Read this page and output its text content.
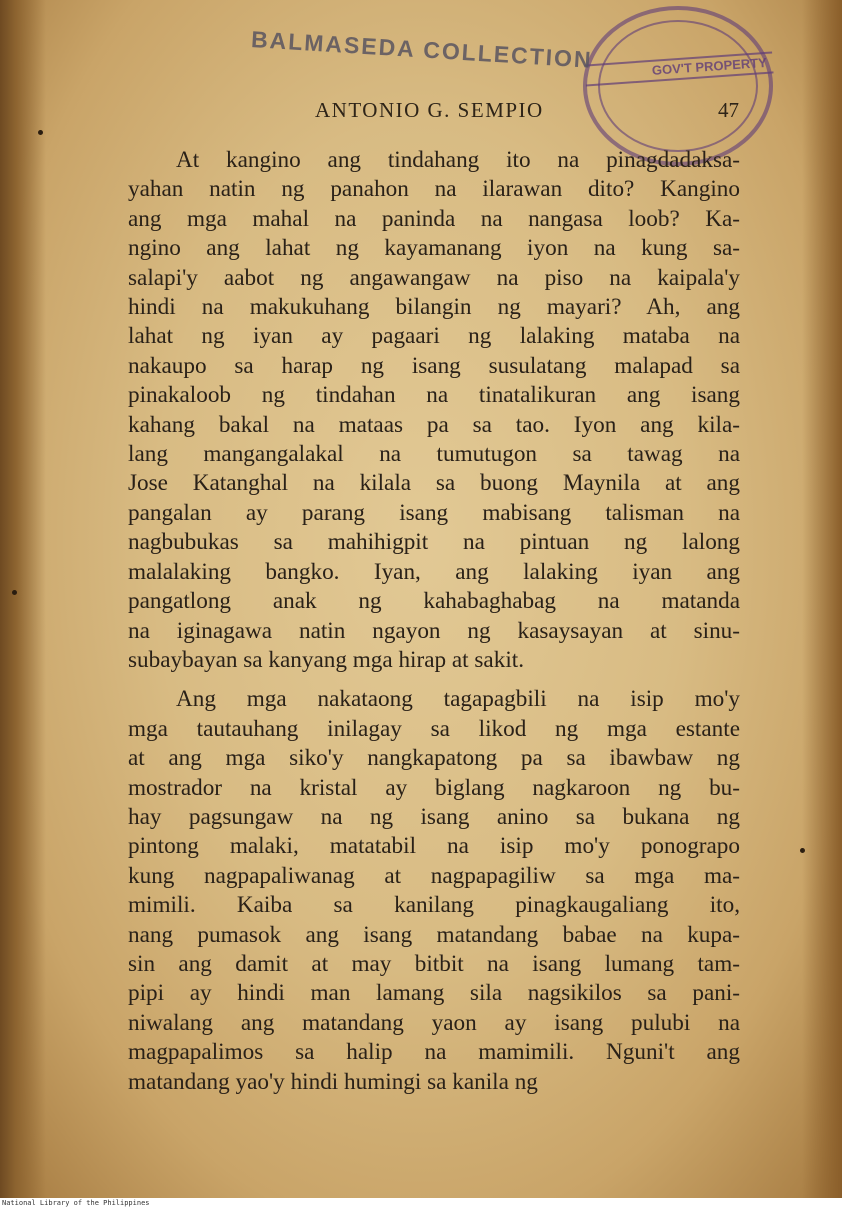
GOV'T PROPERTY
BALMASEDA COLLECTION
ANTONIO G. SEMPIO	47
At kangino ang tindahang ito na pinagdadaksa-
yahan natin ng panahon na ilarawan dito? Kangino
ang mga mahal na paninda na nangasa loob? Ka-
ngino ang lahat ng kayamanang iyon na kung sa-
salapi'y aabot ng angawangaw na piso na kaipala'y
hindi na makukuhang bilangin ng mayari? Ah, ang
lahat ng iyan ay pagaari ng lalaking mataba na
nakaupo sa harap ng isang susulatang malapad sa
pinakaloob ng tindahan na tinatalikuran ang isang
kahang bakal na mataas pa sa tao. Iyon ang kila-
lang mangangalakal na tumutugon sa tawag na
Jose Katanghal na kilala sa buong Maynila at ang
pangalan ay parang isang mabisang talisman na
nagbubukas sa mahihigpit na pintuan ng lalong
malalaking bangko. Iyan, ang lalaking iyan ang
pangatlong anak ng kahabaghabag na matanda
na iginagawa natin ngayon ng kasaysayan at sinu-
subaybayan sa kanyang mga hirap at sakit.
Ang mga nakataong tagapagbili na isip mo'y
mga tautauhang inilagay sa likod ng mga estante
at ang mga siko'y nangkapatong pa sa ibawbaw ng
mostrador na kristal ay biglang nagkaroon ng bu-
hay pagsungaw na ng isang anino sa bukana ng
pintong malaki, matatabil na isip mo'y ponograpo
kung nagpapaliwanag at nagpapagiliw sa mga ma-
mimili. Kaiba sa kanilang pinagkaugaliang ito,
nang pumasok ang isang matandang babae na kupa-
sin ang damit at may bitbit na isang lumang tam-
pipi ay hindi man lamang sila nagsikilos sa pani-
niwalang ang matandang yaon ay isang pulubi na
magpapalimos sa halip na mamimili. Nguni't ang
matandang yao'y hindi humingi sa kanila ng
National Library of the Philippines
